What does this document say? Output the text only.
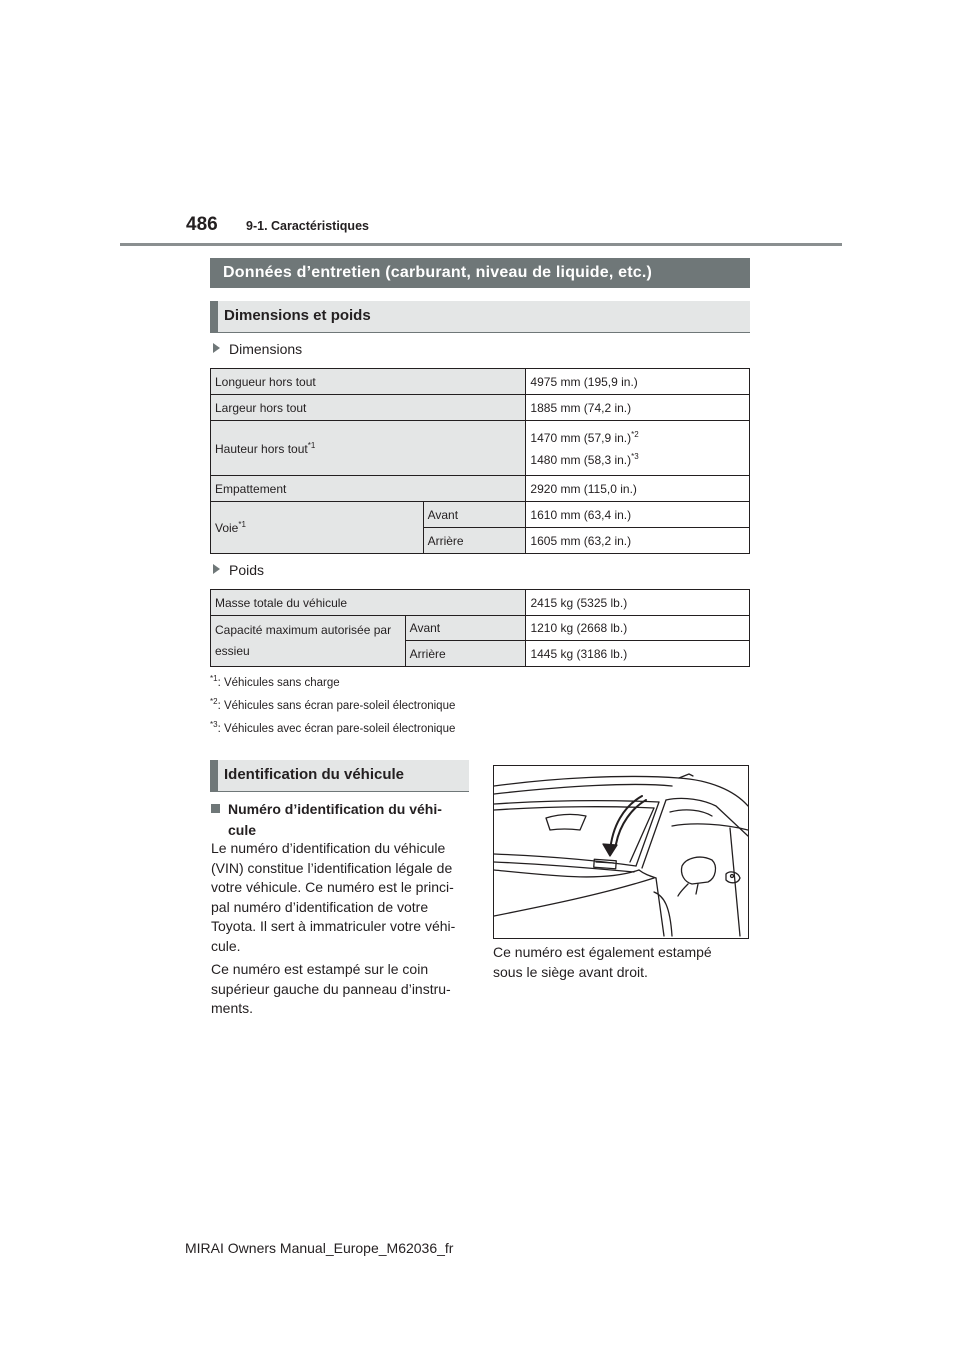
486 9-1. Caractéristiques
Données d’entretien (carburant, niveau de liquide, etc.)
Dimensions et poids
Dimensions
Longueur hors tout		4975 mm (195,9 in.)
Largeur hors tout		1885 mm (74,2 in.)
Hauteur hors tout$^{*1}$		1470 mm (57,9 in.)$^{*2}$
1480 mm (58,3 in.)$^{*3}$

Empattement		2920 mm (115,0 in.)
Voie$^{*1}$	Avant	1610 mm (63,4 in.)
	Arrière	1605 mm (63,2 in.)
Poids
Masse totale du véhicule		2415 kg (5325 lb.)
Capacité maximum autorisée par essieu	Avant	1210 kg (2668 lb.)
	Arrière	1445 kg (3186 lb.)
$^{*1}$: Véhicules sans charge
$^{*2}$: Véhicules sans écran pare-soleil électronique
$^{*3}$: Véhicules avec écran pare-soleil électronique
Identification du véhicule
Numéro d’identification du véhi-
cule
Le numéro d’identification du véhicule
(VIN) constitue l’identification légale de
votre véhicule. Ce numéro est le princi-
pal numéro d’identification de votre
Toyota. Il sert à immatriculer votre véhi-
cule.
Ce numéro est estampé sur le coin
supérieur gauche du panneau d’instru-
ments.
Ce numéro est également estampé
sous le siège avant droit.
MIRAI Owners Manual_Europe_M62036_fr
